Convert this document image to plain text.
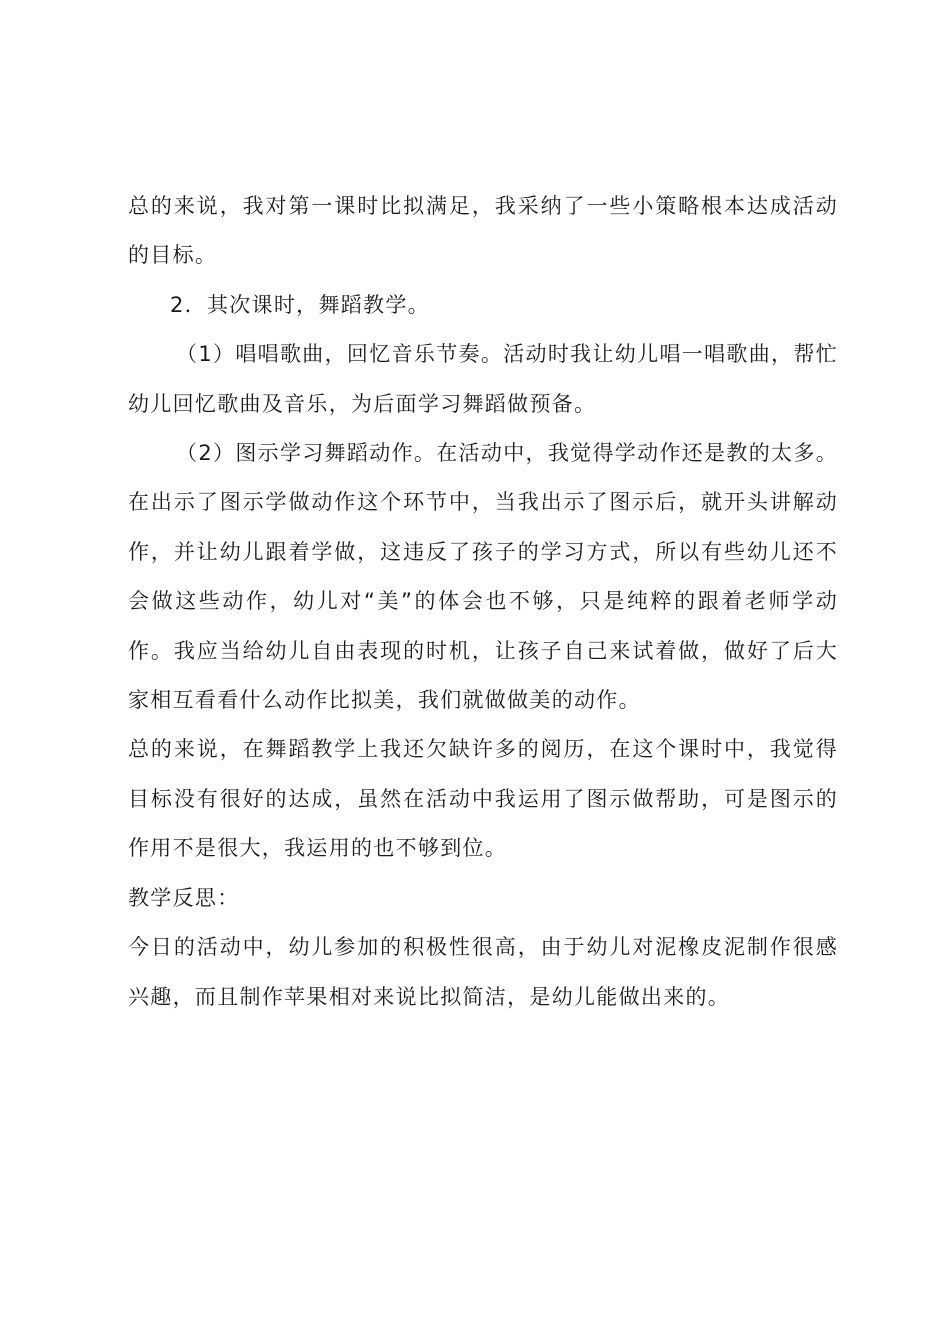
总的来说，我对第一课时比拟满足，我采纳了一些小策略根本达成活动的目标。

2．其次课时，舞蹈教学。

（1）唱唱歌曲，回忆音乐节奏。活动时我让幼儿唱一唱歌曲，帮忙幼儿回忆歌曲及音乐，为后面学习舞蹈做预备。

（2）图示学习舞蹈动作。在活动中，我觉得学动作还是教的太多。在出示了图示学做动作这个环节中，当我出示了图示后，就开头讲解动作，并让幼儿跟着学做，这违反了孩子的学习方式，所以有些幼儿还不会做这些动作，幼儿对“美”的体会也不够，只是纯粹的跟着老师学动作。我应当给幼儿自由表现的时机，让孩子自己来试着做，做好了后大家相互看看什么动作比拟美，我们就做做美的动作。

总的来说，在舞蹈教学上我还欠缺许多的阅历，在这个课时中，我觉得目标没有很好的达成，虽然在活动中我运用了图示做帮助，可是图示的作用不是很大，我运用的也不够到位。

教学反思：

今日的活动中，幼儿参加的积极性很高，由于幼儿对泥橡皮泥制作很感兴趣，而且制作苹果相对来说比拟简洁，是幼儿能做出来的。
